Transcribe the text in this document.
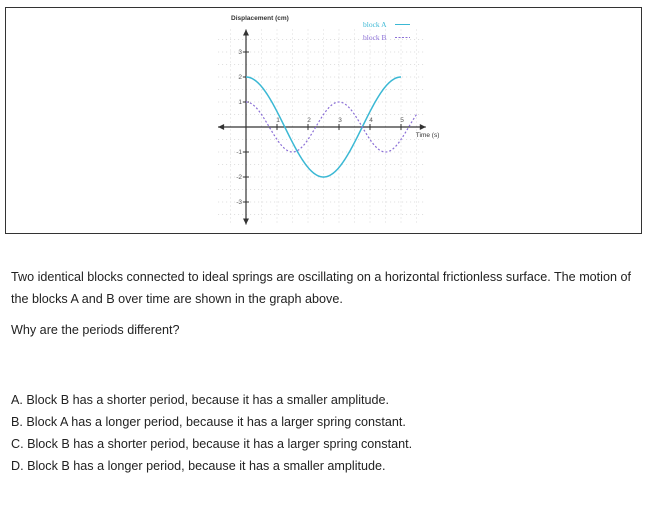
1	2	3	4	5
-3
-2
-1
1
2
3
Displacement (cm)
Time (s)
block A
block B

Two identical blocks connected to ideal springs are oscillating on a horizontal frictionless surface. The motion of the blocks A and B over time are shown in the graph above.

Why are the periods different?
A. Block B has a shorter period, because it has a smaller amplitude.
B. Block A has a longer period, because it has a larger spring constant.
C. Block B has a shorter period, because it has a larger spring constant.
D. Block B has a longer period, because it has a smaller amplitude.
